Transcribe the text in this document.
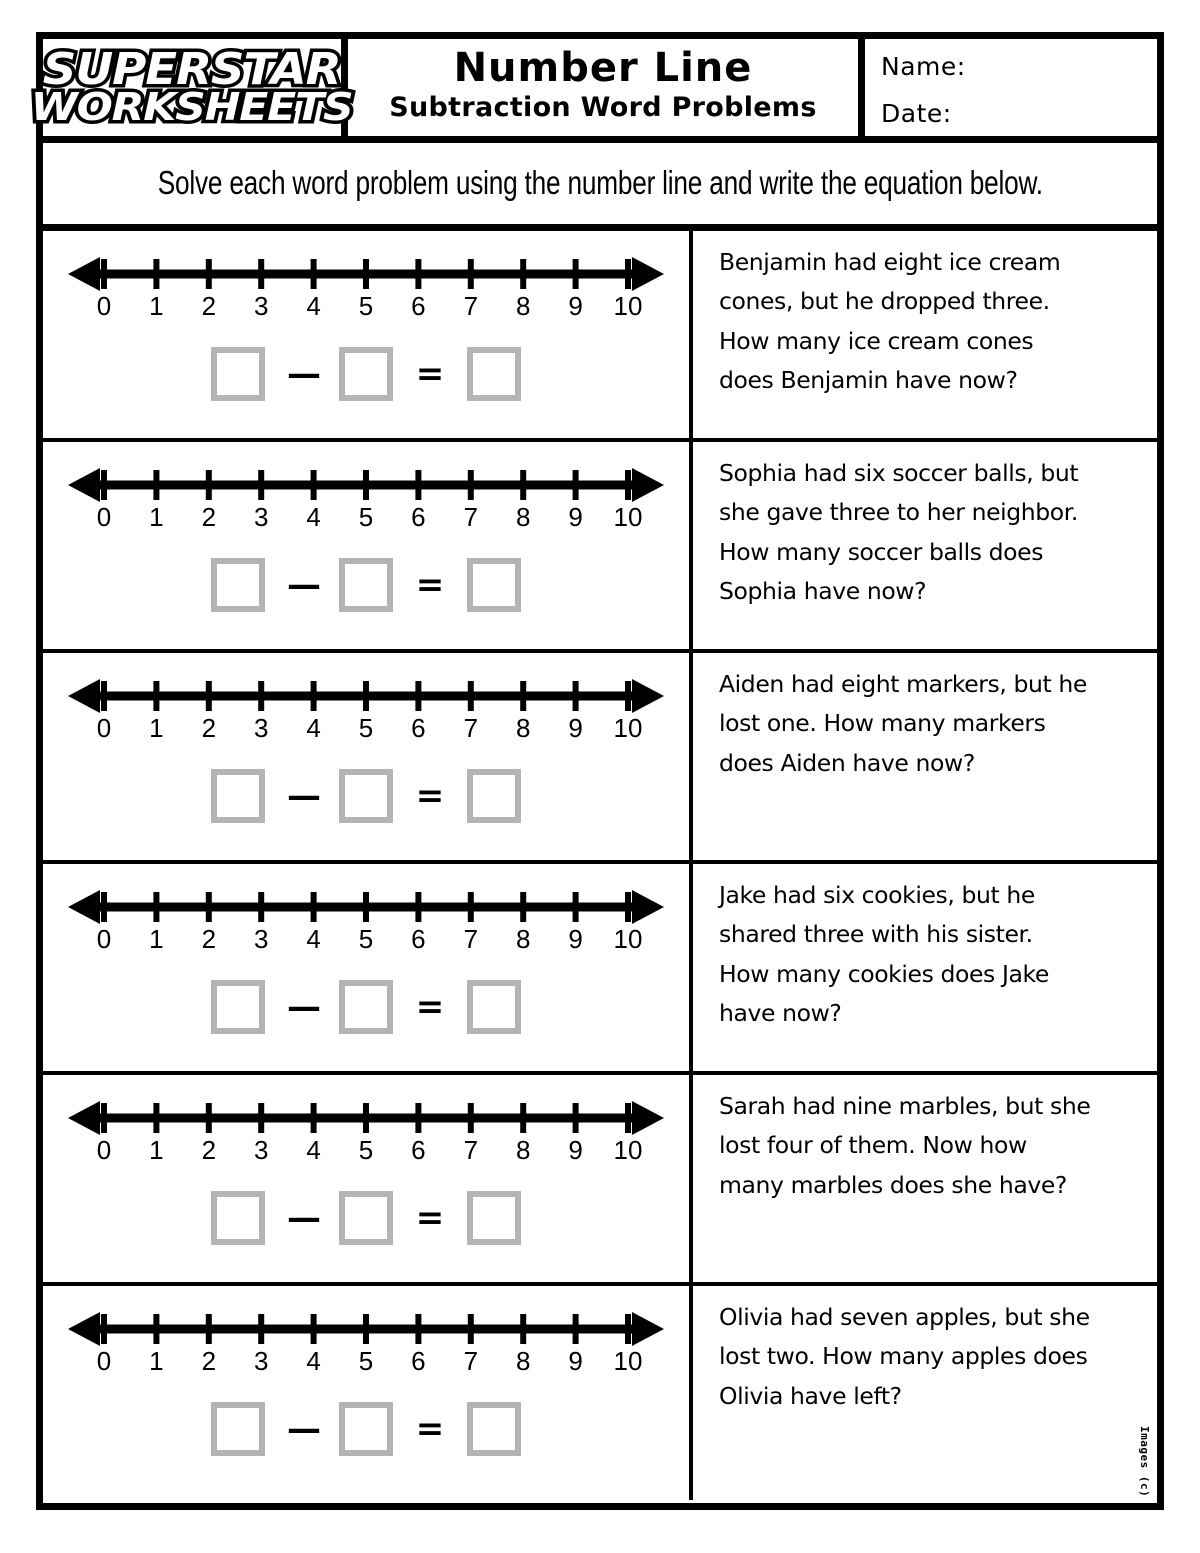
SUPERSTAR
WORKSHEETS
Number Line
Subtraction Word Problems
Name:
Date:
Solve each word problem using the number line and write the equation below.
0 1 2 3 4 5 6 7 8 9 10
—	=
Benjamin had eight ice cream
cones, but he dropped three.
How many ice cream cones
does Benjamin have now?
0 1 2 3 4 5 6 7 8 9 10
—	=
Sophia had six soccer balls, but
she gave three to her neighbor.
How many soccer balls does
Sophia have now?
0 1 2 3 4 5 6 7 8 9 10
—	=
Aiden had eight markers, but he
lost one. How many markers
does Aiden have now?
0 1 2 3 4 5 6 7 8 9 10
—	=
Jake had six cookies, but he
shared three with his sister.
How many cookies does Jake
have now?
0 1 2 3 4 5 6 7 8 9 10
—	=
Sarah had nine marbles, but she
lost four of them. Now how
many marbles does she have?
0 1 2 3 4 5 6 7 8 9 10
—	=
Olivia had seven apples, but she
lost two. How many apples does
Olivia have left?
Images (c)
